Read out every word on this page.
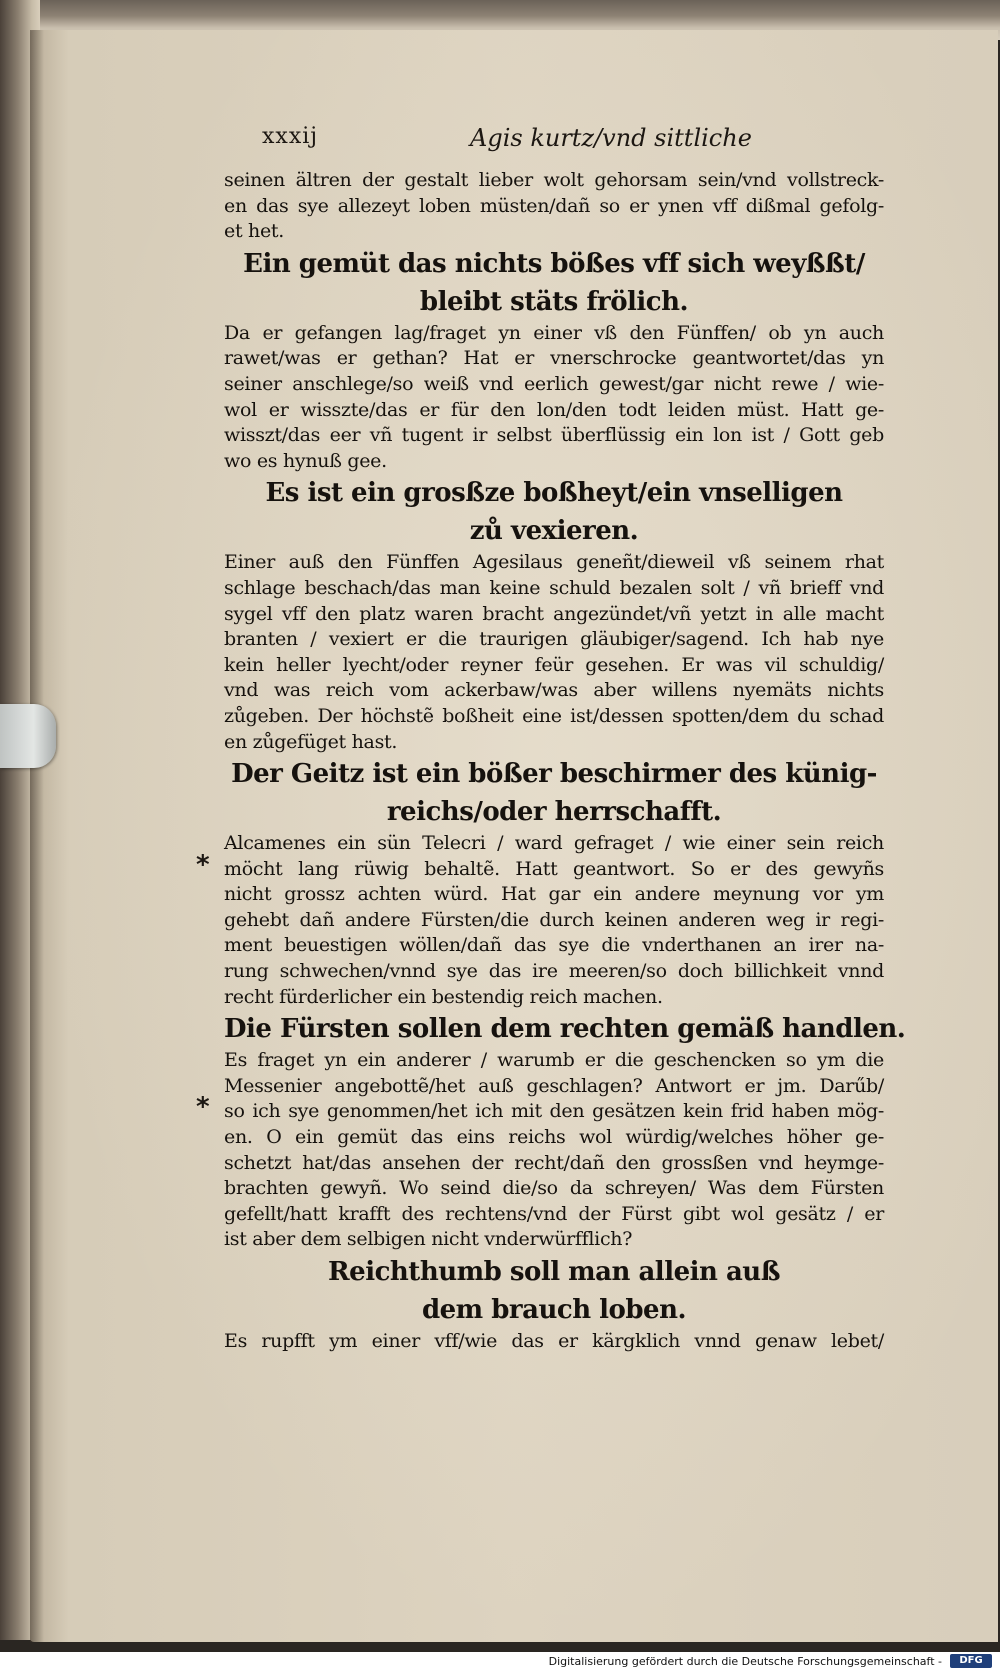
xxxij	Agis kurtz/vnd sittliche
seinen ältren der gestalt lieber wolt gehorsam sein/vnd vollstreck-
en das sye allezeyt loben müsten/dañ so er ynen vff dißmal gefolg-
et het.
Ein gemüt das nichts bößes vff sich weyßßt/
bleibt stäts frölich.
Da er gefangen lag/fraget yn einer vß den Fünffen/ ob yn auch
rawet/was er gethan? Hat er vnerschrocke geantwortet/das yn
seiner anschlege/so weiß vnd eerlich gewest/gar nicht rewe / wie-
wol er wisszte/das er für den lon/den todt leiden müst. Hatt ge-
wisszt/das eer vñ tugent ir selbst überflüssig ein lon ist / Gott geb
wo es hynuß gee.
Es ist ein grosßze boßheyt/ein vnselligen
zů vexieren.
Einer auß den Fünffen Agesilaus geneñt/dieweil vß seinem rhat
schlage beschach/das man keine schuld bezalen solt / vñ brieff vnd
sygel vff den platz waren bracht angezündet/vñ yetzt in alle macht
branten / vexiert er die traurigen gläubiger/sagend. Ich hab nye
kein heller lyecht/oder reyner feür gesehen. Er was vil schuldig/
vnd was reich vom ackerbaw/was aber willens nyemäts nichts
zůgeben. Der höchstẽ boßheit eine ist/dessen spotten/dem du schad
en zůgefüget hast.
Der Geitz ist ein bößer beschirmer des künig-
reichs/oder herrschafft.
Alcamenes ein sün Telecri / ward gefraget / wie einer sein reich
möcht lang rüwig behaltẽ. Hatt geantwort. So er des gewyñs
*
nicht grossz achten würd. Hat gar ein andere meynung vor ym
gehebt dañ andere Fürsten/die durch keinen anderen weg ir regi-
ment beuestigen wöllen/dañ das sye die vnderthanen an irer na-
rung schwechen/vnnd sye das ire meeren/so doch billichkeit vnnd
recht fürderlicher ein bestendig reich machen.
Die Fürsten sollen dem rechten gemäß handlen.
Es fraget yn ein anderer / warumb er die geschencken so ym die
Messenier angebottẽ/het auß geschlagen? Antwort er jm. Darűb/
so ich sye genommen/het ich mit den gesätzen kein frid haben mög-
*
en. O ein gemüt das eins reichs wol würdig/welches höher ge-
schetzt hat/das ansehen der recht/dañ den grossßen vnd heymge-
brachten gewyñ. Wo seind die/so da schreyen/ Was dem Fürsten
gefellt/hatt krafft des rechtens/vnd der Fürst gibt wol gesätz / er
ist aber dem selbigen nicht vnderwürfflich?
Reichthumb soll man allein auß
dem brauch loben.
Es rupfft ym einer vff/wie das er kärgklich vnnd genaw lebet/
Digitalisierung gefördert durch die Deutsche Forschungsgemeinschaft -	DFG
